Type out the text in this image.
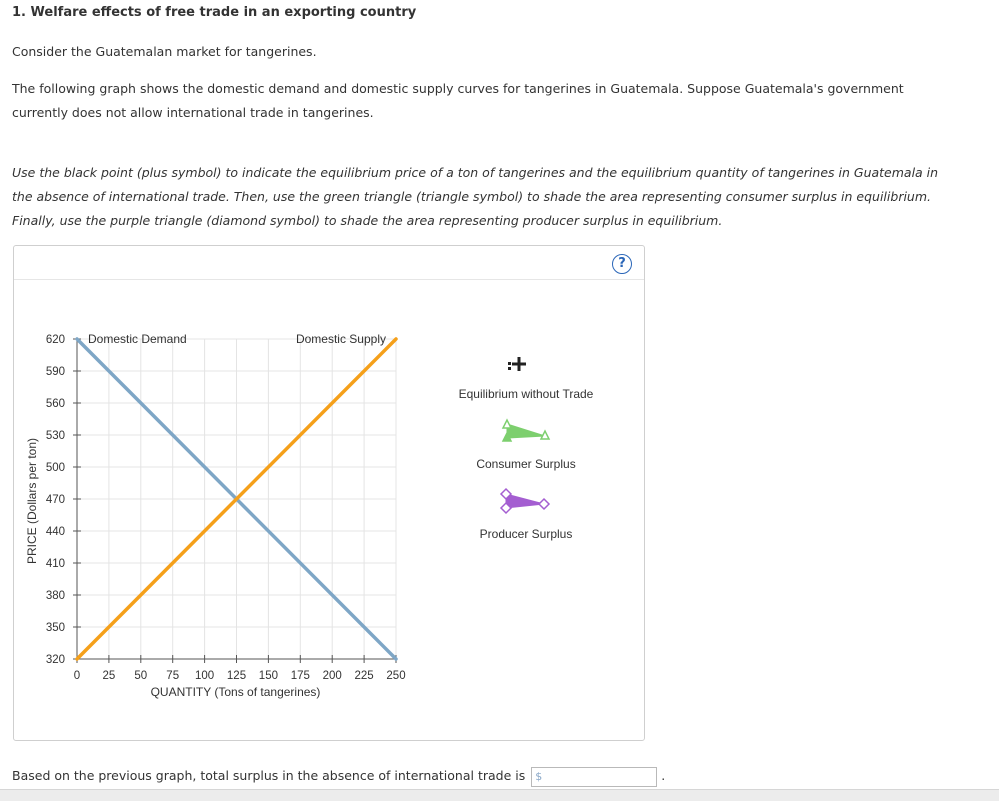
1. Welfare effects of free trade in an exporting country

Consider the Guatemalan market for tangerines.

The following graph shows the domestic demand and domestic supply curves for tangerines in Guatemala. Suppose Guatemala's government currently does not allow international trade in tangerines.

Use the black point (plus symbol) to indicate the equilibrium price of a ton of tangerines and the equilibrium quantity of tangerines in Guatemala in the absence of international trade. Then, use the green triangle (triangle symbol) to shade the area representing consumer surplus in equilibrium. Finally, use the purple triangle (diamond symbol) to shade the area representing producer surplus in equilibrium.

?
320
350
380
410
440
470
500
530
560
590
620
0 25 50 75 100 125 150 175 200 225 250
Domestic Demand	Domestic Supply
QUANTITY (Tons of tangerines)
PRICE (Dollars per ton)
Equilibrium without Trade
Consumer Surplus
Producer Surplus
Based on the previous graph, total surplus in the absence of international trade is $	.
